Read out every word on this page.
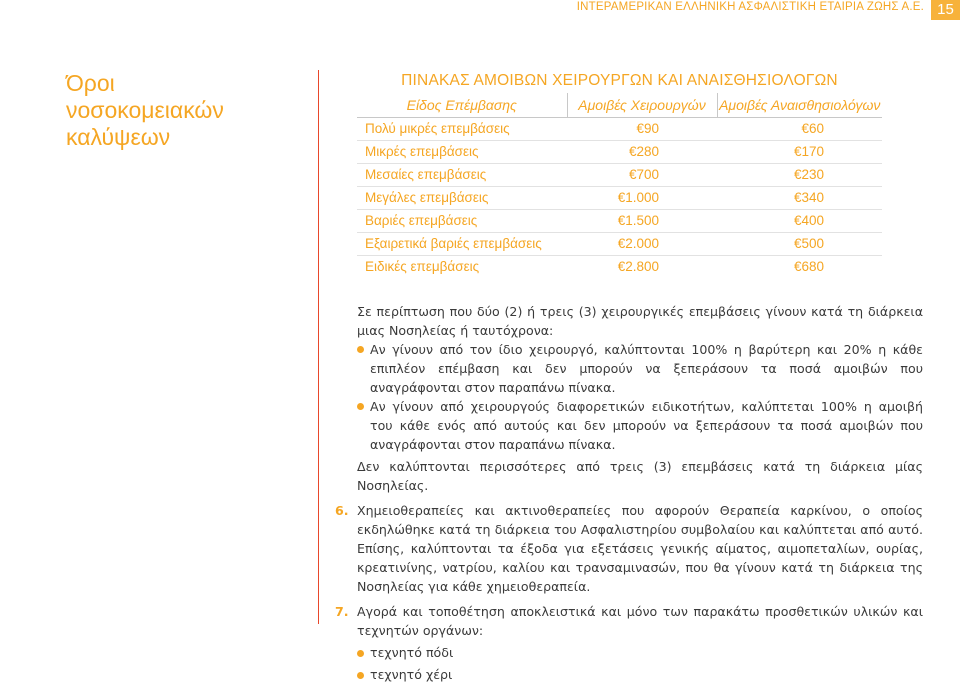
ΙΝΤΕΡΑΜΕΡΙΚΑΝ ΕΛΛΗΝΙΚΗ ΑΣΦΑΛΙΣΤΙΚΗ ΕΤΑΙΡΙΑ ΖΩΗΣ Α.Ε. 15
Όροι
νοσοκομειακών
καλύψεων
ΠΙΝΑΚΑΣ ΑΜΟΙΒΩΝ ΧΕΙΡΟΥΡΓΩΝ ΚΑΙ ΑΝΑΙΣΘΗΣΙΟΛΟΓΩΝ		
Είδος Επέμβασης	Αμοιβές Χειρουργών	Αμοιβές Αναισθησιολόγων
Πολύ μικρές επεμβάσεις	€90	€60
Μικρές επεμβάσεις	€280	€170
Μεσαίες επεμβάσεις	€700	€230
Μεγάλες επεμβάσεις	€1.000	€340
Βαριές επεμβάσεις	€1.500	€400
Εξαιρετικά βαριές επεμβάσεις	€2.000	€500
Ειδικές επεμβάσεις	€2.800	€680

Σε περίπτωση που δύο (2) ή τρεις (3) χειρουργικές επεμβάσεις γίνουν κατά τη διάρκεια μιας Νοσηλείας ή ταυτόχρονα:

Αν γίνουν από τον ίδιο χειρουργό, καλύπτονται 100% η βαρύτερη και 20% η κάθε επιπλέον επέμβαση και δεν μπορούν να ξεπεράσουν τα ποσά αμοιβών που αναγράφονται στον παραπάνω πίνακα.
Αν γίνουν από χειρουργούς διαφορετικών ειδικοτήτων, καλύπτεται 100% η αμοιβή του κάθε ενός από αυτούς και δεν μπορούν να ξεπεράσουν τα ποσά αμοιβών που αναγράφονται στον παραπάνω πίνακα.

Δεν καλύπτονται περισσότερες από τρεις (3) επεμβάσεις κατά τη διάρκεια μίας Νοσηλείας.

6. Χημειοθεραπείες και ακτινοθεραπείες που αφορούν Θεραπεία καρκίνου, ο οποίος εκδηλώθηκε κατά τη διάρκεια του Ασφαλιστηρίου συμβολαίου και καλύπτεται από αυτό. Επίσης, καλύπτονται τα έξοδα για εξετάσεις γενικής αίματος, αιμοπεταλίων, ουρίας, κρεατινίνης, νατρίου, καλίου και τρανσαμινασών, που θα γίνουν κατά τη διάρκεια της Νοσηλείας για κάθε χημειοθεραπεία.

7. Αγορά και τοποθέτηση αποκλειστικά και μόνο των παρακάτω προσθετικών υλικών και τεχνητών οργάνων:

τεχνητό πόδι
τεχνητό χέρι
